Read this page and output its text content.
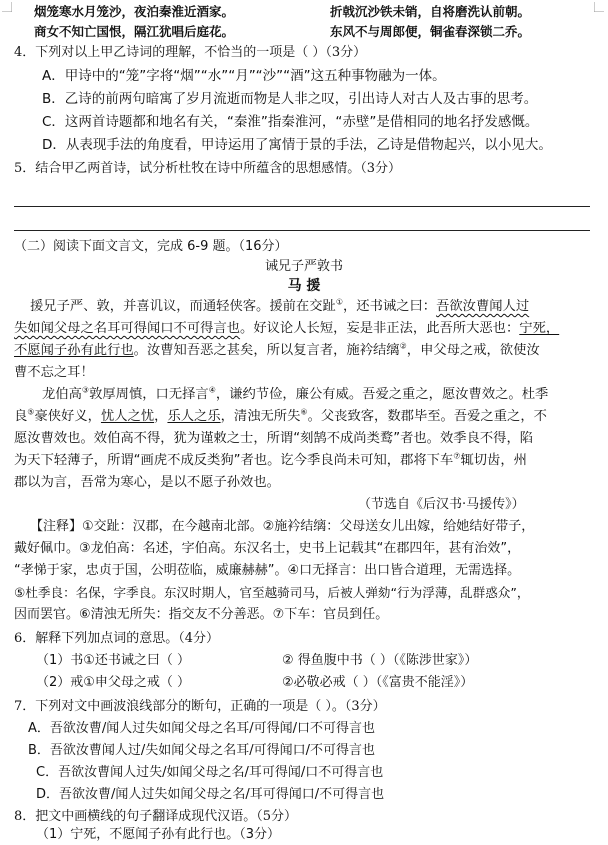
烟笼寒水月笼沙，夜泊秦淮近酒家。	折戟沉沙铁未销，自将磨洗认前朝。
商女不知亡国恨，隔江犹唱后庭花。	东风不与周郎便，铜雀春深锁二乔。
4．下列对以上甲乙诗词的理解，不恰当的一项是（ ）（3分）
A．甲诗中的“笼”字将“烟”“水”“月”“沙”“酒”这五种事物融为一体。
B．乙诗的前两句暗寓了岁月流逝而物是人非之叹，引出诗人对古人及古事的思考。
C．这两首诗题都和地名有关，“秦淮”指秦淮河，“赤壁”是借相同的地名抒发感慨。
D．从表现手法的角度看，甲诗运用了寓情于景的手法，乙诗是借物起兴，以小见大。
5．结合甲乙两首诗，试分析杜牧在诗中所蕴含的思想感情。（3分）
（二）阅读下面文言文，完成 6-9 题。（16分）
诫兄子严敦书
马 援
援兄子严、敦，并喜讥议，而通轻侠客。援前在交趾①，还书诫之曰：吾欲汝曹闻人过
失如闻父母之名耳可得闻口不可得言也。好议论人长短，妄是非正法，此吾所大恶也：宁死，
不愿闻子孙有此行也。汝曹知吾恶之甚矣，所以复言者，施衿结缡②，申父母之戒，欲使汝
曹不忘之耳！
龙伯高③敦厚周慎，口无择言④，谦约节俭，廉公有威。吾爱之重之，愿汝曹效之。杜季
良⑤豪侠好义，忧人之忧，乐人之乐，清浊无所失⑥。父丧致客，数郡毕至。吾爱之重之，不
愿汝曹效也。效伯高不得，犹为谨敕之士，所谓“刻鹄不成尚类鹜”者也。效季良不得，陷
为天下轻薄子，所谓“画虎不成反类狗”者也。讫今季良尚未可知，郡将下车⑦辄切齿，州
郡以为言，吾常为寒心，是以不愿子孙效也。
（节选自《后汉书·马援传》）
【注释】①交趾：汉郡，在今越南北部。②施衿结缡：父母送女儿出嫁，给她结好带子，
戴好佩巾。③龙伯高：名述，字伯高。东汉名士，史书上记载其“在郡四年，甚有治效”，
“孝悌于家，忠贞于国，公明莅临，威廉赫赫”。④口无择言：出口皆合道理，无需选择。
⑤杜季良：名保，字季良。东汉时期人，官至越骑司马，后被人弹劾“行为浮薄，乱群惑众”，
因而罢官。⑥清浊无所失：指交友不分善恶。⑦下车：官员到任。
6．解释下列加点词的意思。（4分）
（1）书①还书诫之曰（ ）	② 得鱼腹中书（ ）（《陈涉世家》）
（2）戒①申父母之戒（ ）	②必敬必戒（ ）（《富贵不能淫》）
7．下列对文中画波浪线部分的断句，正确的一项是（ ）。（3分）
A．吾欲汝曹/闻人过失如闻父母之名耳/可得闻/口不可得言也
B．吾欲汝曹闻人过/失如闻父母之名耳/可得闻口/不可得言也
C．吾欲汝曹闻人过失/如闻父母之名/耳可得闻/口不可得言也
D．吾欲汝曹/闻人过失如闻父母之名/耳可得闻口/不可得言也
8．把文中画横线的句子翻译成现代汉语。（5分）
（1）宁死，不愿闻子孙有此行也。（3分）
